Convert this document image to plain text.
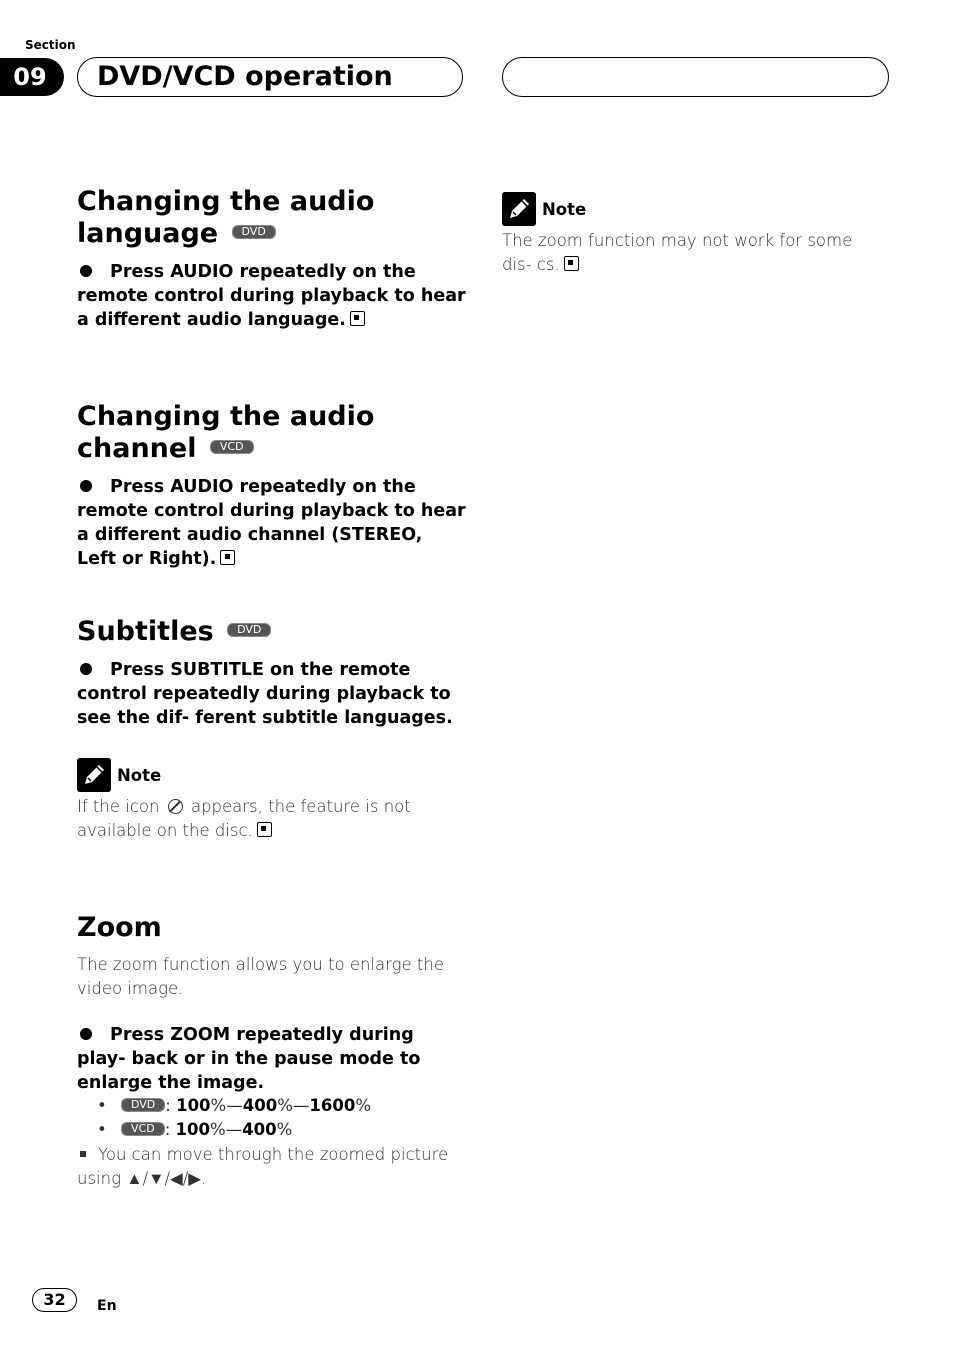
Section
09	DVD/VCD operation
Changing the audio
language DVD
Press AUDIO repeatedly on the remote control during playback to hear a different audio language.
Changing the audio
channel VCD
Press AUDIO repeatedly on the remote control during playback to hear a different audio channel (STEREO, Left or Right).
Subtitles DVD
Press SUBTITLE on the remote control repeatedly during playback to see the dif- ferent subtitle languages.
Note
If the icon appears, the feature is not available on the disc.
Zoom
The zoom function allows you to enlarge the video image.
Press ZOOM repeatedly during play- back or in the pause mode to enlarge the image.
• DVD : 100%—400%—1600%
• VCD : 100%—400%
You can move through the zoomed picture using ▲/▼/◀/▶.
Note
The zoom function may not work for some dis- cs.
32	En
